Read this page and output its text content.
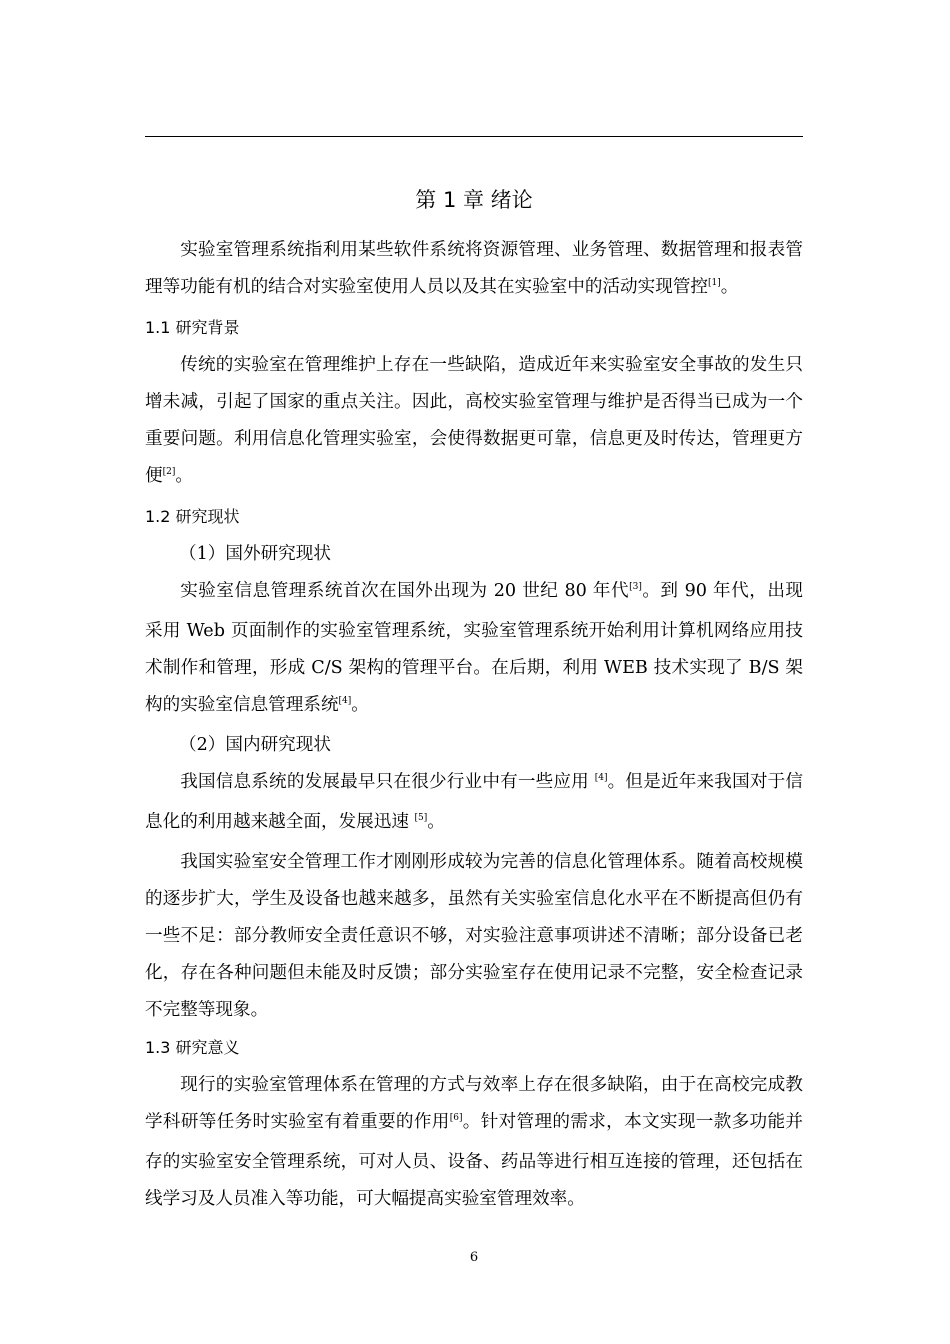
第 1 章 绪论

实验室管理系统指利用某些软件系统将资源管理、业务管理、数据管理和报表管理等功能有机的结合对实验室使用人员以及其在实验室中的活动实现管控[1]。

1.1 研究背景

传统的实验室在管理维护上存在一些缺陷，造成近年来实验室安全事故的发生只增未减，引起了国家的重点关注。因此，高校实验室管理与维护是否得当已成为一个重要问题。利用信息化管理实验室，会使得数据更可靠，信息更及时传达，管理更方便[2]。

1.2 研究现状

（1）国外研究现状

实验室信息管理系统首次在国外出现为 20 世纪 80 年代[3]。到 90 年代，出现采用 Web 页面制作的实验室管理系统，实验室管理系统开始利用计算机网络应用技术制作和管理，形成 C/S 架构的管理平台。在后期，利用 WEB 技术实现了 B/S 架构的实验室信息管理系统[4]。

（2）国内研究现状

我国信息系统的发展最早只在很少行业中有一些应用 [4]。但是近年来我国对于信息化的利用越来越全面，发展迅速 [5]。

我国实验室安全管理工作才刚刚形成较为完善的信息化管理体系。随着高校规模的逐步扩大，学生及设备也越来越多，虽然有关实验室信息化水平在不断提高但仍有一些不足：部分教师安全责任意识不够，对实验注意事项讲述不清晰；部分设备已老化，存在各种问题但未能及时反馈；部分实验室存在使用记录不完整，安全检查记录不完整等现象。

1.3 研究意义

现行的实验室管理体系在管理的方式与效率上存在很多缺陷，由于在高校完成教学科研等任务时实验室有着重要的作用[6]。针对管理的需求，本文实现一款多功能并存的实验室安全管理系统，可对人员、设备、药品等进行相互连接的管理，还包括在线学习及人员准入等功能，可大幅提高实验室管理效率。

6
